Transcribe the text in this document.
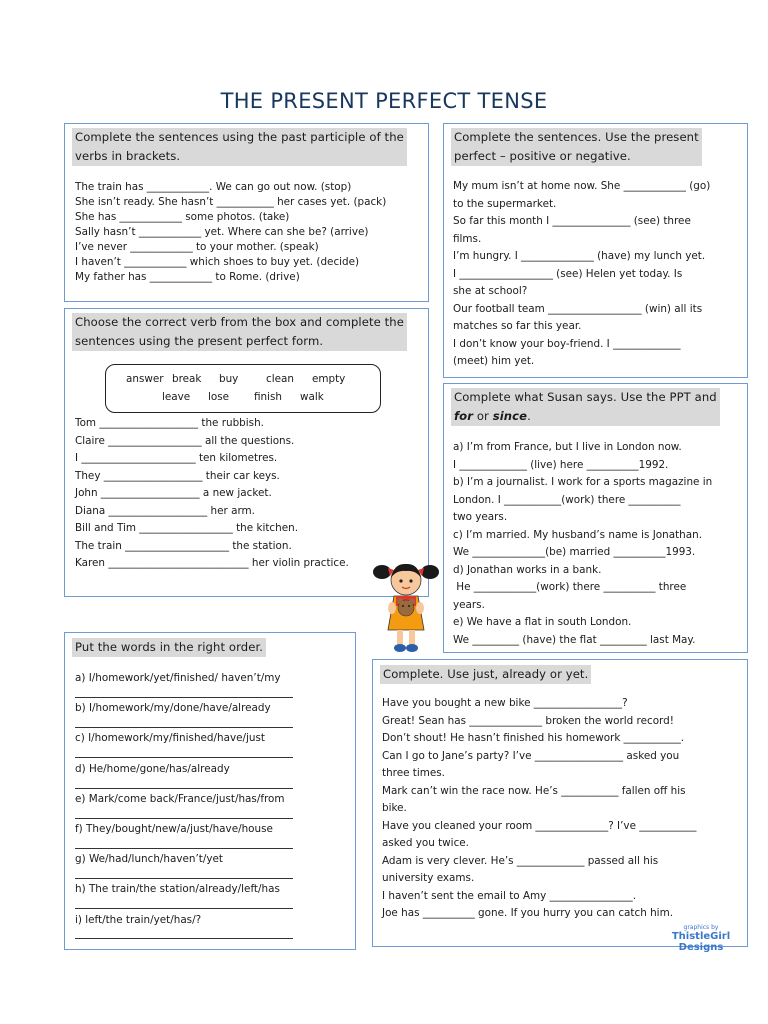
THE PRESENT PERFECT TENSE
Complete the sentences using the past participle of the
verbs in brackets.
The train has ____________. We can go out now. (stop)
She isn’t ready. She hasn’t ___________ her cases yet. (pack)
She has ____________ some photos. (take)
Sally hasn’t ____________ yet. Where can she be? (arrive)
I’ve never ____________ to your mother. (speak)
I haven’t ____________ which shoes to buy yet. (decide)
My father has ____________ to Rome. (drive)
Choose the correct verb from the box and complete the
sentences using the present perfect form.
answer break buy	clean empty
leave lose finish walk
Tom ___________________ the rubbish.
Claire __________________ all the questions.
I ______________________ ten kilometres.
They ___________________ their car keys.
John ___________________ a new jacket.
Diana ___________________ her arm.
Bill and Tim __________________ the kitchen.
The train ____________________ the station.
Karen ___________________________ her violin practice.
Put the words in the right order.
a) I/homework/yet/finished/ haven’t/my
b) I/homework/my/done/have/already
c) I/homework/my/finished/have/just
d) He/home/gone/has/already
e) Mark/come back/France/just/has/from
f) They/bought/new/a/just/have/house
g) We/had/lunch/haven’t/yet
h) The train/the station/already/left/has
i) left/the train/yet/has/?
Complete the sentences. Use the present
perfect – positive or negative.
My mum isn’t at home now. She ____________ (go)
to the supermarket.
So far this month I _______________ (see) three
films.
I’m hungry. I ______________ (have) my lunch yet.
I __________________ (see) Helen yet today. Is
she at school?
Our football team __________________ (win) all its
matches so far this year.
I don’t know your boy-friend. I _____________
(meet) him yet.
Complete what Susan says. Use the PPT and
for or since.
a) I’m from France, but I live in London now.
I _____________ (live) here __________1992.
b) I’m a journalist. I work for a sports magazine in
London. I ___________(work) there __________
two years.
c) I’m married. My husband’s name is Jonathan.
We ______________(be) married __________1993.
d) Jonathan works in a bank.
He ____________(work) there __________ three
years.
e) We have a flat in south London.
We _________ (have) the flat _________ last May.
Complete. Use just, already or yet.
Have you bought a new bike _________________?
Great! Sean has ______________ broken the world record!
Don’t shout! He hasn’t finished his homework ___________.
Can I go to Jane’s party? I’ve _________________ asked you
three times.
Mark can’t win the race now. He’s ___________ fallen off his
bike.
Have you cleaned your room ______________? I’ve ___________
asked you twice.
Adam is very clever. He’s _____________ passed all his
university exams.
I haven’t sent the email to Amy ________________.
Joe has __________ gone. If you hurry you can catch him.
graphics by
ThistleGirl
Designs
